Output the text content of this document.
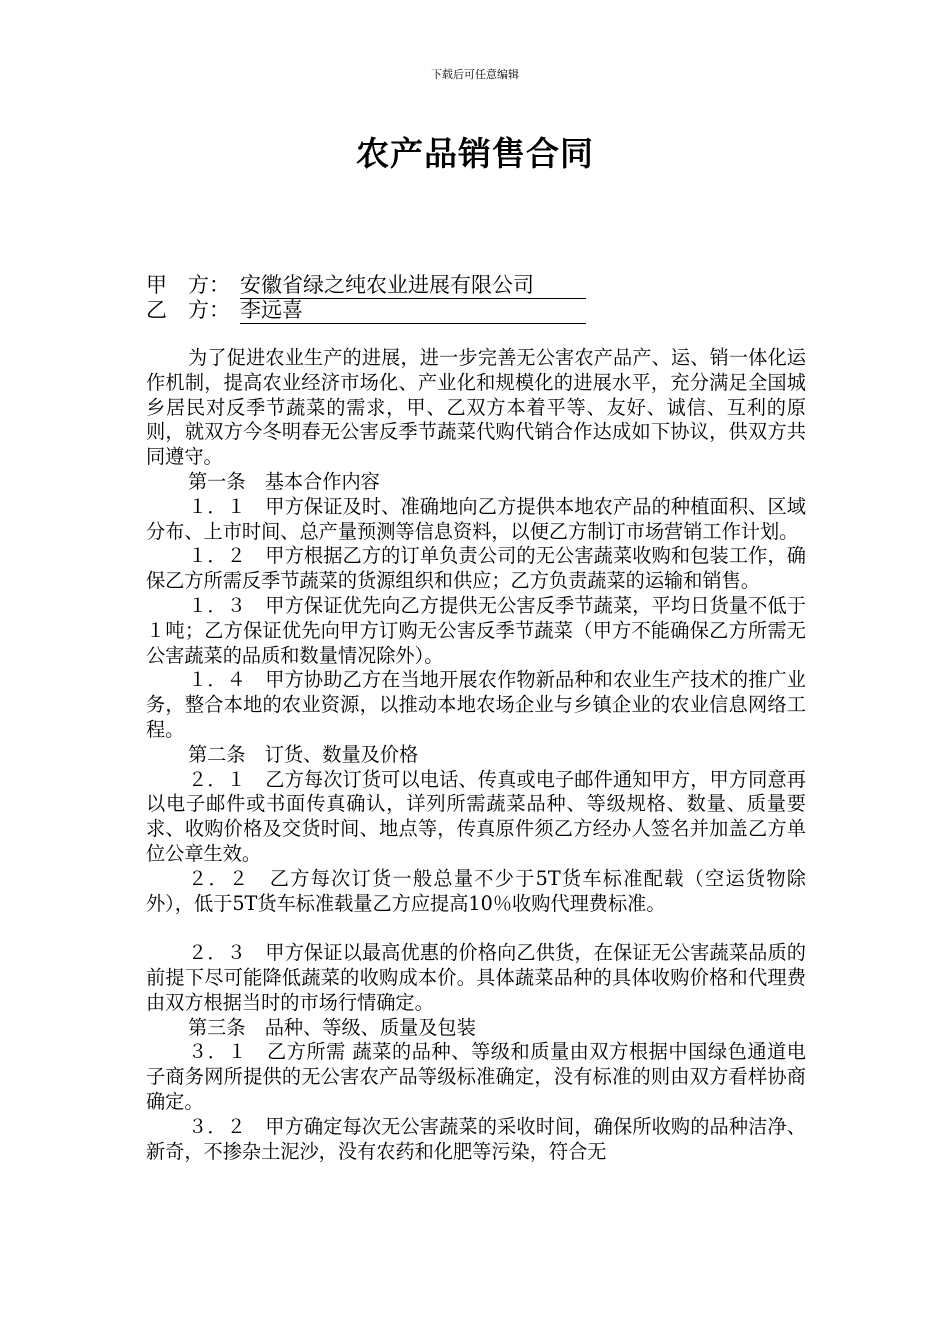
下载后可任意编辑
农产品销售合同
甲　方： 安徽省绿之纯农业进展有限公司
乙　方： 李远喜

为了促进农业生产的进展，进一步完善无公害农产品产、运、销一体化运作机制，提高农业经济市场化、产业化和规模化的进展水平，充分满足全国城乡居民对反季节蔬菜的需求，甲、乙双方本着平等、友好、诚信、互利的原则，就双方今冬明春无公害反季节蔬菜代购代销合作达成如下协议，供双方共同遵守。

第一条　基本合作内容

１．１　甲方保证及时、准确地向乙方提供本地农产品的种植面积、区域分布、上市时间、总产量预测等信息资料，以便乙方制订市场营销工作计划。

１．２　甲方根据乙方的订单负责公司的无公害蔬菜收购和包装工作，确保乙方所需反季节蔬菜的货源组织和供应；乙方负责蔬菜的运输和销售。

１．３　甲方保证优先向乙方提供无公害反季节蔬菜，平均日货量不低于１吨；乙方保证优先向甲方订购无公害反季节蔬菜（甲方不能确保乙方所需无公害蔬菜的品质和数量情况除外）。

１．４　甲方协助乙方在当地开展农作物新品种和农业生产技术的推广业务，整合本地的农业资源，以推动本地农场企业与乡镇企业的农业信息网络工程。

第二条　订货、数量及价格

２．１　乙方每次订货可以电话、传真或电子邮件通知甲方，甲方同意再以电子邮件或书面传真确认，详列所需蔬菜品种、等级规格、数量、质量要求、收购价格及交货时间、地点等，传真原件须乙方经办人签名并加盖乙方单位公章生效。

２．２　乙方每次订货一般总量不少于5T货车标准配载（空运货物除外），低于5T货车标准载量乙方应提高10％收购代理费标准。

２．３　甲方保证以最高优惠的价格向乙供货，在保证无公害蔬菜品质的前提下尽可能降低蔬菜的收购成本价。具体蔬菜品种的具体收购价格和代理费由双方根据当时的市场行情确定。

第三条　品种、等级、质量及包装

３．１　乙方所需 蔬菜的品种、等级和质量由双方根据中国绿色通道电子商务网所提供的无公害农产品等级标准确定，没有标准的则由双方看样协商确定。

３．２　甲方确定每次无公害蔬菜的采收时间，确保所收购的品种洁净、新奇，不掺杂土泥沙，没有农药和化肥等污染，符合无
